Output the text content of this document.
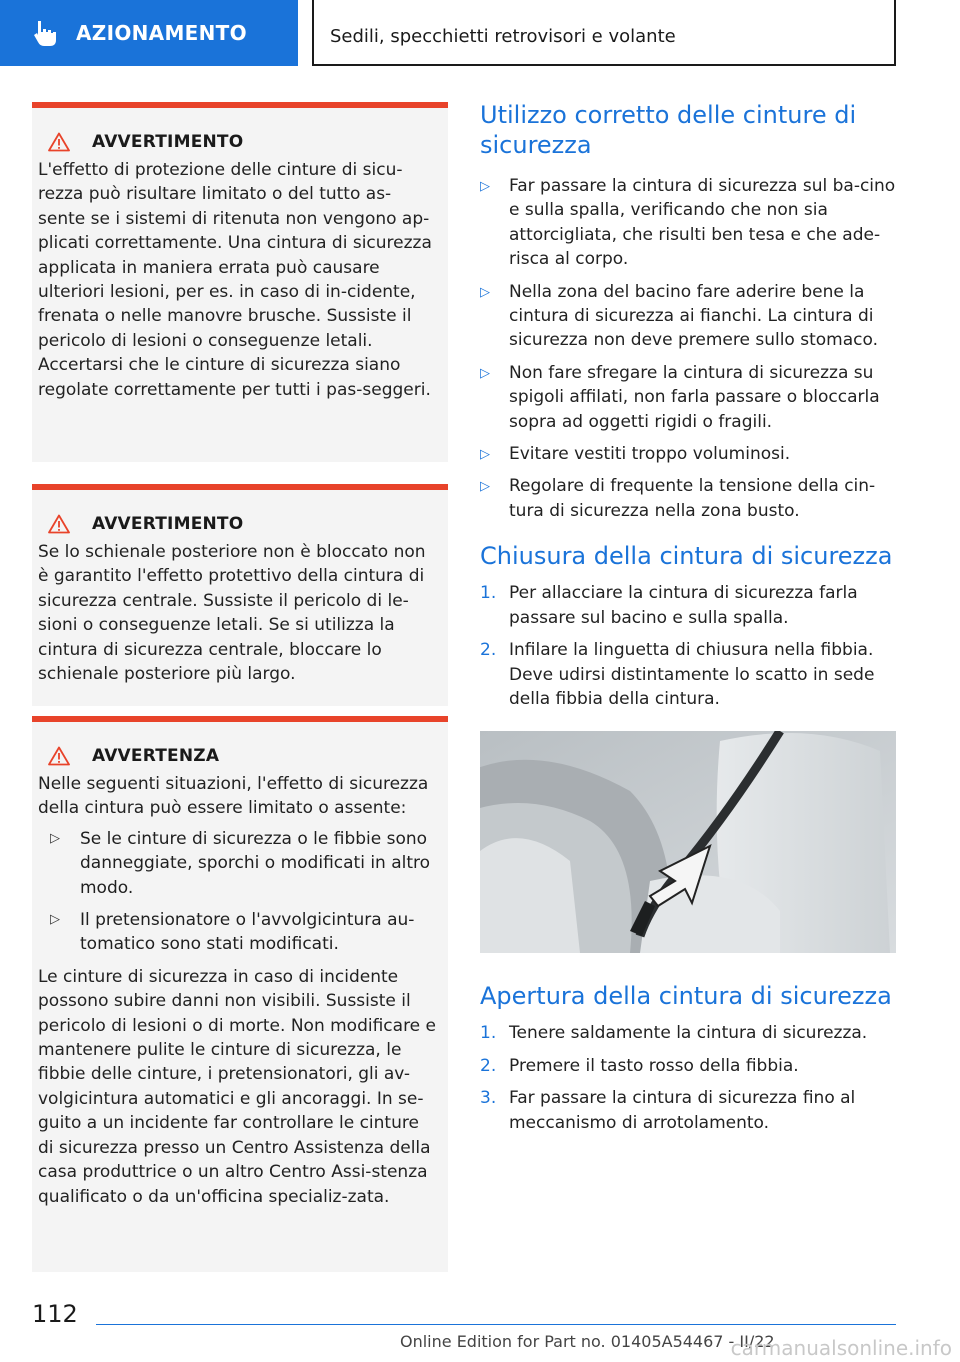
AZIONAMENTO	Sedili, specchietti retrovisori e volante
AVVERTIMENTO

L'effetto di protezione delle cinture di sicu-rezza può risultare limitato o del tutto as-sente se i sistemi di ritenuta non vengono ap-plicati correttamente. Una cintura di sicurezza applicata in maniera errata può causare ulteriori lesioni, per es. in caso di in-cidente, frenata o nelle manovre brusche. Sussiste il pericolo di lesioni o conseguenze letali. Accertarsi che le cinture di sicurezza siano regolate correttamente per tutti i pas-seggeri.

AVVERTIMENTO

Se lo schienale posteriore non è bloccato non è garantito l'effetto protettivo della cintura di sicurezza centrale. Sussiste il pericolo di le-sioni o conseguenze letali. Se si utilizza la cintura di sicurezza centrale, bloccare lo schienale posteriore più largo.

AVVERTENZA

Nelle seguenti situazioni, l'effetto di sicurezza della cintura può essere limitato o assente:

▷ Se le cinture di sicurezza o le fibbie sono danneggiate, sporchi o modificati in altro modo.
▷ Il pretensionatore o l'avvolgicintura au-tomatico sono stati modificati.

Le cinture di sicurezza in caso di incidente possono subire danni non visibili. Sussiste il pericolo di lesioni o di morte. Non modificare e mantenere pulite le cinture di sicurezza, le fibbie delle cinture, i pretensionatori, gli av-volgicintura automatici e gli ancoraggi. In se-guito a un incidente far controllare le cinture di sicurezza presso un Centro Assistenza della casa produttrice o un altro Centro Assi-stenza qualificato o da un'officina specializ-zata.

Utilizzo corretto delle cinture di sicurezza
▷ Far passare la cintura di sicurezza sul ba-cino e sulla spalla, verificando che non sia attorcigliata, che risulti ben tesa e che ade-risca al corpo.
▷ Nella zona del bacino fare aderire bene la cintura di sicurezza ai fianchi. La cintura di sicurezza non deve premere sullo stomaco.
▷ Non fare sfregare la cintura di sicurezza su spigoli affilati, non farla passare o bloccarla sopra ad oggetti rigidi o fragili.
▷ Evitare vestiti troppo voluminosi.
▷ Regolare di frequente la tensione della cin-tura di sicurezza nella zona busto.
Chiusura della cintura di sicurezza
1. Per allacciare la cintura di sicurezza farla passare sul bacino e sulla spalla.
2. Infilare la linguetta di chiusura nella fibbia. Deve udirsi distintamente lo scatto in sede della fibbia della cintura.
Apertura della cintura di sicurezza
1. Tenere saldamente la cintura di sicurezza.
2. Premere il tasto rosso della fibbia.
3. Far passare la cintura di sicurezza fino al meccanismo di arrotolamento.
112
Online Edition for Part no. 01405A54467 - II/22
carmanualsonline.info
